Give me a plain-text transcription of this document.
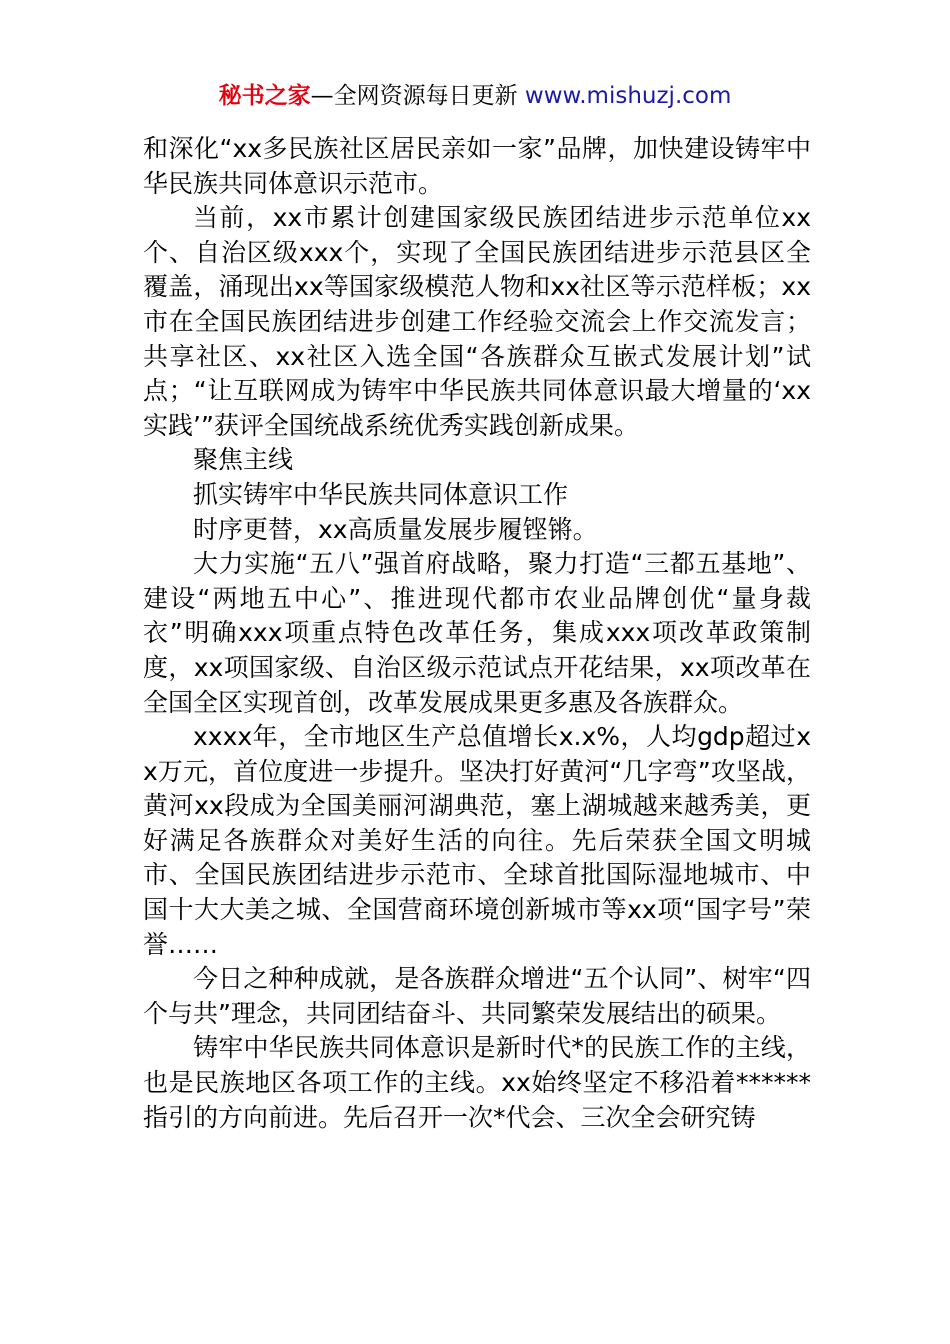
秘书之家—全网资源每日更新 www.mishuzj.com

和深化“xx多民族社区居民亲如一家”品牌，加快建设铸牢中华民族共同体意识示范市。

当前，xx市累计创建国家级民族团结进步示范单位xx个、自治区级xxx个，实现了全国民族团结进步示范县区全覆盖，涌现出xx等国家级模范人物和xx社区等示范样板；xx市在全国民族团结进步创建工作经验交流会上作交流发言；共享社区、xx社区入选全国“各族群众互嵌式发展计划”试点；“让互联网成为铸牢中华民族共同体意识最大增量的‘xx实践’”获评全国统战系统优秀实践创新成果。

聚焦主线

抓实铸牢中华民族共同体意识工作

时序更替，xx高质量发展步履铿锵。

大力实施“五八”强首府战略，聚力打造“三都五基地”、建设“两地五中心”、推进现代都市农业品牌创优“量身裁衣”明确xxx项重点特色改革任务，集成xxx项改革政策制度，xx项国家级、自治区级示范试点开花结果，xx项改革在全国全区实现首创，改革发展成果更多惠及各族群众。

xxxx年，全市地区生产总值增长x.x%，人均gdp超过xx万元，首位度进一步提升。坚决打好黄河“几字弯”攻坚战，黄河xx段成为全国美丽河湖典范，塞上湖城越来越秀美，更好满足各族群众对美好生活的向往。先后荣获全国文明城市、全国民族团结进步示范市、全球首批国际湿地城市、中国十大大美之城、全国营商环境创新城市等xx项“国字号”荣誉……

今日之种种成就，是各族群众增进“五个认同”、树牢“四个与共”理念，共同团结奋斗、共同繁荣发展结出的硕果。

铸牢中华民族共同体意识是新时代*的民族工作的主线，也是民族地区各项工作的主线。xx始终坚定不移沿着******指引的方向前进。先后召开一次*代会、三次全会研究铸
